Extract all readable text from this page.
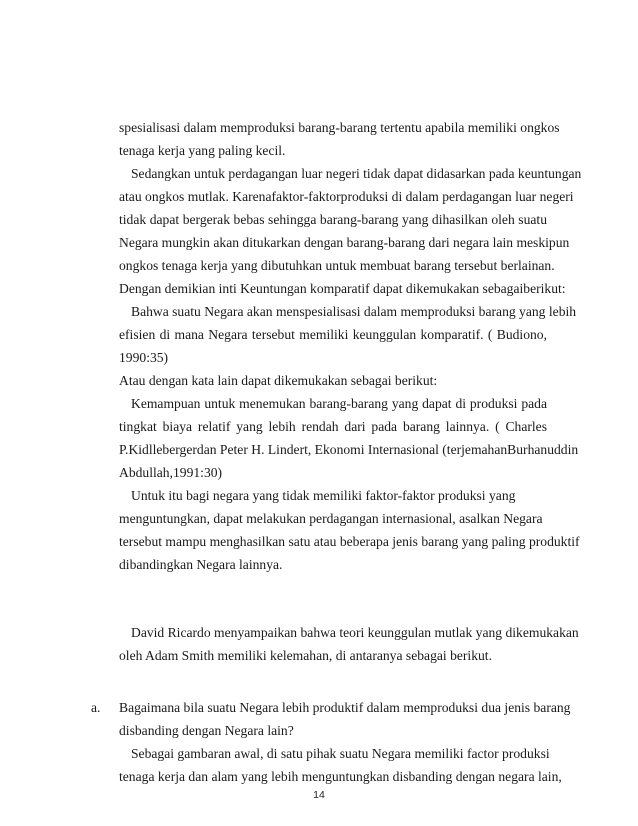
spesialisasi dalam memproduksi barang-barang tertentu apabila memiliki ongkos
tenaga kerja yang paling kecil.
Sedangkan untuk perdagangan luar negeri tidak dapat didasarkan pada keuntungan
atau ongkos mutlak. Karenafaktor-faktorproduksi di dalam perdagangan luar negeri
tidak dapat bergerak bebas sehingga barang-barang yang dihasilkan oleh suatu
Negara mungkin akan ditukarkan dengan barang-barang dari negara lain meskipun
ongkos tenaga kerja yang dibutuhkan untuk membuat barang tersebut berlainan.
Dengan demikian inti Keuntungan komparatif dapat dikemukakan sebagaiberikut:
Bahwa suatu Negara akan menspesialisasi dalam memproduksi barang yang lebih
efisien di mana Negara tersebut memiliki keunggulan komparatif. ( Budiono,
1990:35)
Atau dengan kata lain dapat dikemukakan sebagai berikut:
Kemampuan untuk menemukan barang-barang yang dapat di produksi pada
tingkat biaya relatif yang lebih rendah dari pada barang lainnya. ( Charles
P.Kidllebergerdan Peter H. Lindert, Ekonomi Internasional (terjemahanBurhanuddin
Abdullah,1991:30)
Untuk itu bagi negara yang tidak memiliki faktor-faktor produksi yang
menguntungkan, dapat melakukan perdagangan internasional, asalkan Negara
tersebut mampu menghasilkan satu atau beberapa jenis barang yang paling produktif
dibandingkan Negara lainnya.
David Ricardo menyampaikan bahwa teori keunggulan mutlak yang dikemukakan
oleh Adam Smith memiliki kelemahan, di antaranya sebagai berikut.
a. Bagaimana bila suatu Negara lebih produktif dalam memproduksi dua jenis barang
disbanding dengan Negara lain?
Sebagai gambaran awal, di satu pihak suatu Negara memiliki factor produksi
tenaga kerja dan alam yang lebih menguntungkan disbanding dengan negara lain,
14
